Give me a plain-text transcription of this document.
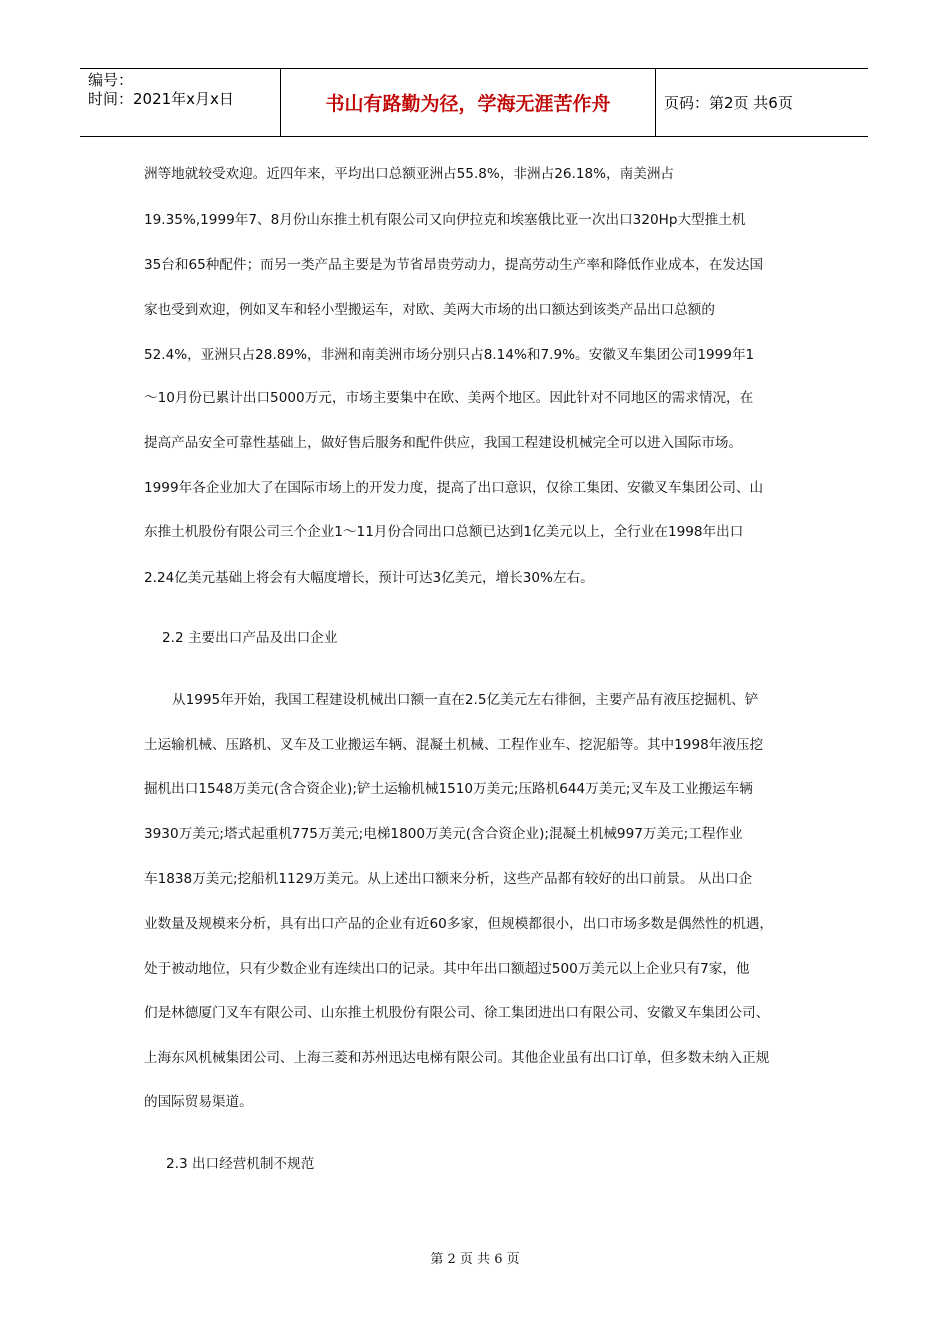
编号：
时间：2021年x月x日	书山有路勤为径，学海无涯苦作舟	页码：第2页 共6页
洲等地就较受欢迎。近四年来，平均出口总额亚洲占55.8%，非洲占26.18%，南美洲占
19.35%,1999年7、8月份山东推土机有限公司又向伊拉克和埃塞俄比亚一次出口320Hp大型推土机
35台和65种配件；而另一类产品主要是为节省昂贵劳动力，提高劳动生产率和降低作业成本，在发达国
家也受到欢迎，例如叉车和轻小型搬运车，对欧、美两大市场的出口额达到该类产品出口总额的
52.4%，亚洲只占28.89%，非洲和南美洲市场分别只占8.14%和7.9%。安徽叉车集团公司1999年1
～10月份已累计出口5000万元，市场主要集中在欧、美两个地区。因此针对不同地区的需求情况，在
提高产品安全可靠性基础上，做好售后服务和配件供应，我国工程建设机械完全可以进入国际市场。
1999年各企业加大了在国际市场上的开发力度，提高了出口意识，仅徐工集团、安徽叉车集团公司、山
东推土机股份有限公司三个企业1～11月份合同出口总额已达到1亿美元以上，全行业在1998年出口
2.24亿美元基础上将会有大幅度增长，预计可达3亿美元，增长30%左右。
2.2 主要出口产品及出口企业
从1995年开始，我国工程建设机械出口额一直在2.5亿美元左右徘徊，主要产品有液压挖掘机、铲
土运输机械、压路机、叉车及工业搬运车辆、混凝土机械、工程作业车、挖泥船等。其中1998年液压挖
掘机出口1548万美元(含合资企业);铲土运输机械1510万美元;压路机644万美元;叉车及工业搬运车辆
3930万美元;塔式起重机775万美元;电梯1800万美元(含合资企业);混凝土机械997万美元;工程作业
车1838万美元;挖船机1129万美元。从上述出口额来分析，这些产品都有较好的出口前景。 从出口企
业数量及规模来分析，具有出口产品的企业有近60多家，但规模都很小，出口市场多数是偶然性的机遇，
处于被动地位，只有少数企业有连续出口的记录。其中年出口额超过500万美元以上企业只有7家，他
们是林德厦门叉车有限公司、山东推土机股份有限公司、徐工集团进出口有限公司、安徽叉车集团公司、
上海东风机械集团公司、上海三菱和苏州迅达电梯有限公司。其他企业虽有出口订单，但多数未纳入正规
的国际贸易渠道。
2.3 出口经营机制不规范
第 2 页 共 6 页
